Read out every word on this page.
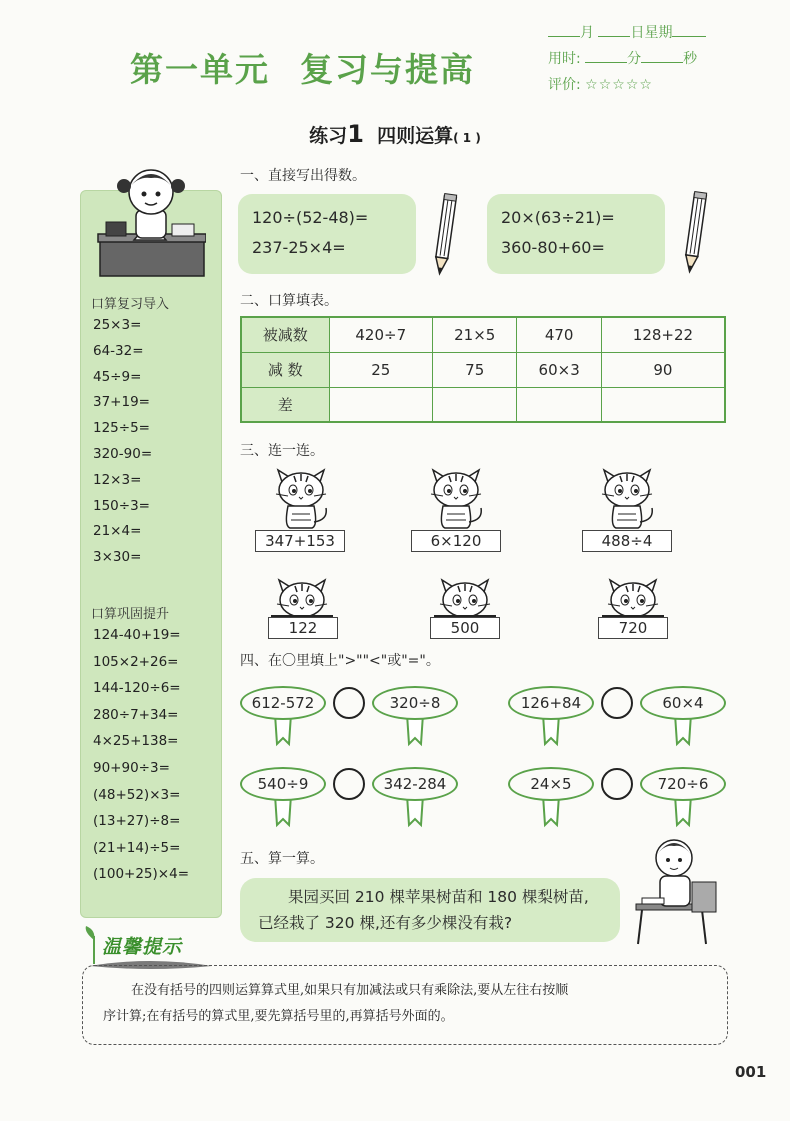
第一单元 复习与提高
月	日星期
用时:	分	秒
评价: ☆☆☆☆☆
练习1 四则运算( 1 )
口算复习导入
25×3=
64-32=
45÷9=
37+19=
125÷5=
320-90=
12×3=
150÷3=
21×4=
3×30=
口算巩固提升
124-40+19=
105×2+26=
144-120÷6=
280÷7+34=
4×25+138=
90+90÷3=
(48+52)×3=
(13+27)÷8=
(21+14)÷5=
(100+25)×4=
一、直接写出得数。
120÷(52-48)=
237-25×4=
20×(63÷21)=
360-80+60=
二、口算填表。
被减数	420÷7	21×5	470	128+22
减 数	25	75	60×3	90
差				
三、连一连。
347+153	6×120	488÷4
122	500	720
四、在〇里填上">""<"或"="。
612-572	320÷8	126+84	60×4
540÷9	342-284	24×5	720÷6
五、算一算。
果园买回 210 棵苹果树苗和 180 棵梨树苗,
已经栽了 320 棵,还有多少棵没有栽?
温馨提示
在没有括号的四则运算算式里,如果只有加减法或只有乘除法,要从左往右按顺
序计算;在有括号的算式里,要先算括号里的,再算括号外面的。
001
